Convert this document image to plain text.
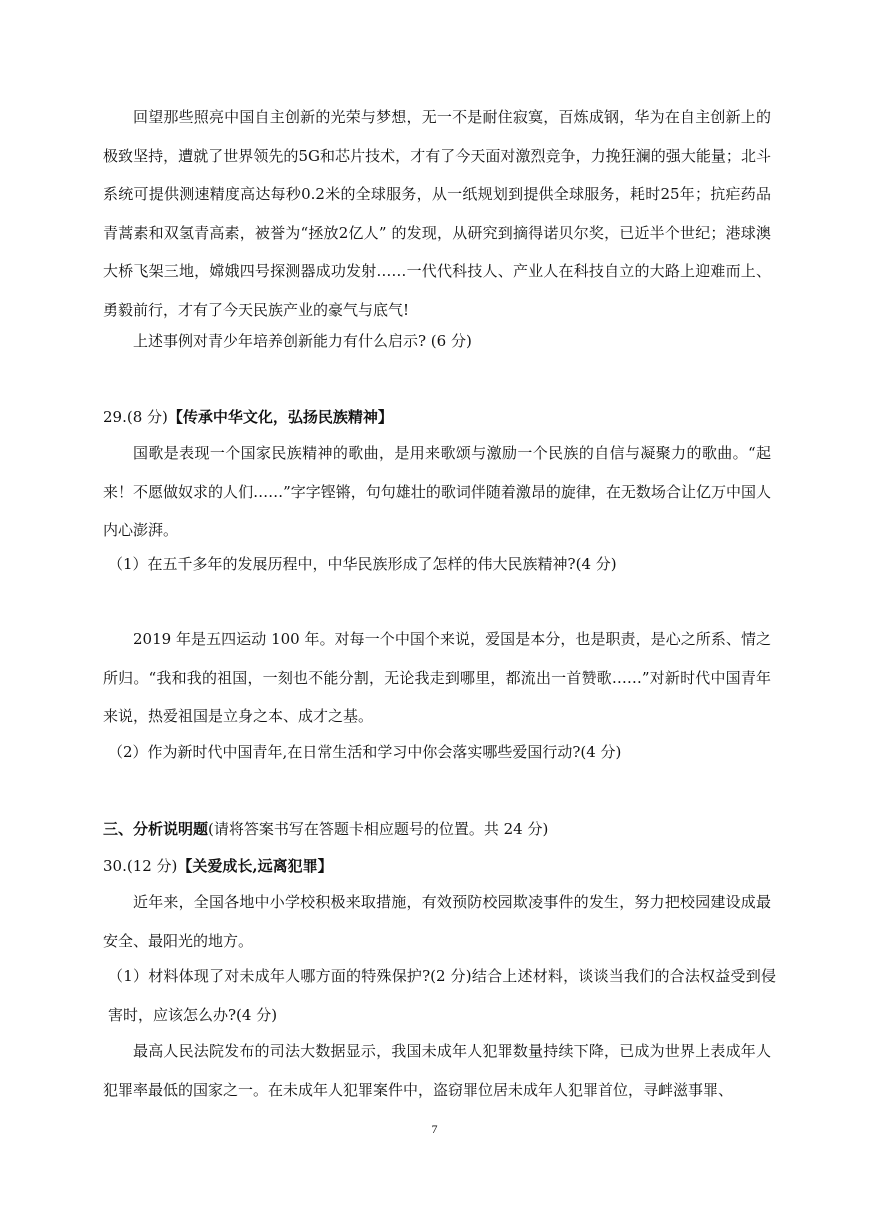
回望那些照亮中国自主创新的光荣与梦想，无一不是耐住寂寞，百炼成钢，华为在自主创新上的极致坚持，遭就了世界领先的5G和芯片技术，才有了今天面对激烈竞争，力挽狂澜的强大能量；北斗系统可提供测速精度高达每秒0.2米的全球服务，从一纸规划到提供全球服务，耗时25年；抗疟药品青蒿素和双氢青高素，被誉为“拯放2亿人” 的发现，从研究到摘得诺贝尔奖，已近半个世纪；港球澳大桥飞架三地，嫦娥四号探测器成功发射……一代代科技人、产业人在科技自立的大路上迎难而上、勇毅前行，才有了今天民族产业的豪气与底气!

上述事例对青少年培养创新能力有什么启示? (6 分)

29.(8 分)【传承中华文化，弘扬民族精神】

国歌是表现一个国家民族精神的歌曲，是用来歌颂与激励一个民族的自信与凝聚力的歌曲。“起来！不愿做奴求的人们……”字字铿锵，句句雄壮的歌词伴随着激昂的旋律，在无数场合让亿万中国人内心澎湃。

（1）在五千多年的发展历程中，中华民族形成了怎样的伟大民族精神?(4 分)

2019 年是五四运动 100 年。对每一个中国个来说，爱国是本分，也是职责，是心之所系、情之所归。“我和我的祖国，一刻也不能分割，无论我走到哪里，都流出一首赞歌……”对新时代中国青年来说，热爱祖国是立身之本、成才之基。

（2）作为新时代中国青年,在日常生活和学习中你会落实哪些爱国行动?(4 分)

三、分析说明题(请将答案书写在答题卡相应题号的位置。共 24 分)

30.(12 分)【关爱成长,远离犯罪】

近年来，全国各地中小学校积极来取措施，有效预防校园欺凌事件的发生，努力把校园建设成最安全、最阳光的地方。

（1）材料体现了对未成年人哪方面的特殊保护?(2 分)结合上述材料，谈谈当我们的合法权益受到侵害时，应该怎么办?(4 分)

最高人民法院发布的司法大数据显示，我国未成年人犯罪数量持续下降，已成为世界上表成年人犯罪率最低的国家之一。在未成年人犯罪案件中，盗窃罪位居未成年人犯罪首位，寻衅滋事罪、

7
